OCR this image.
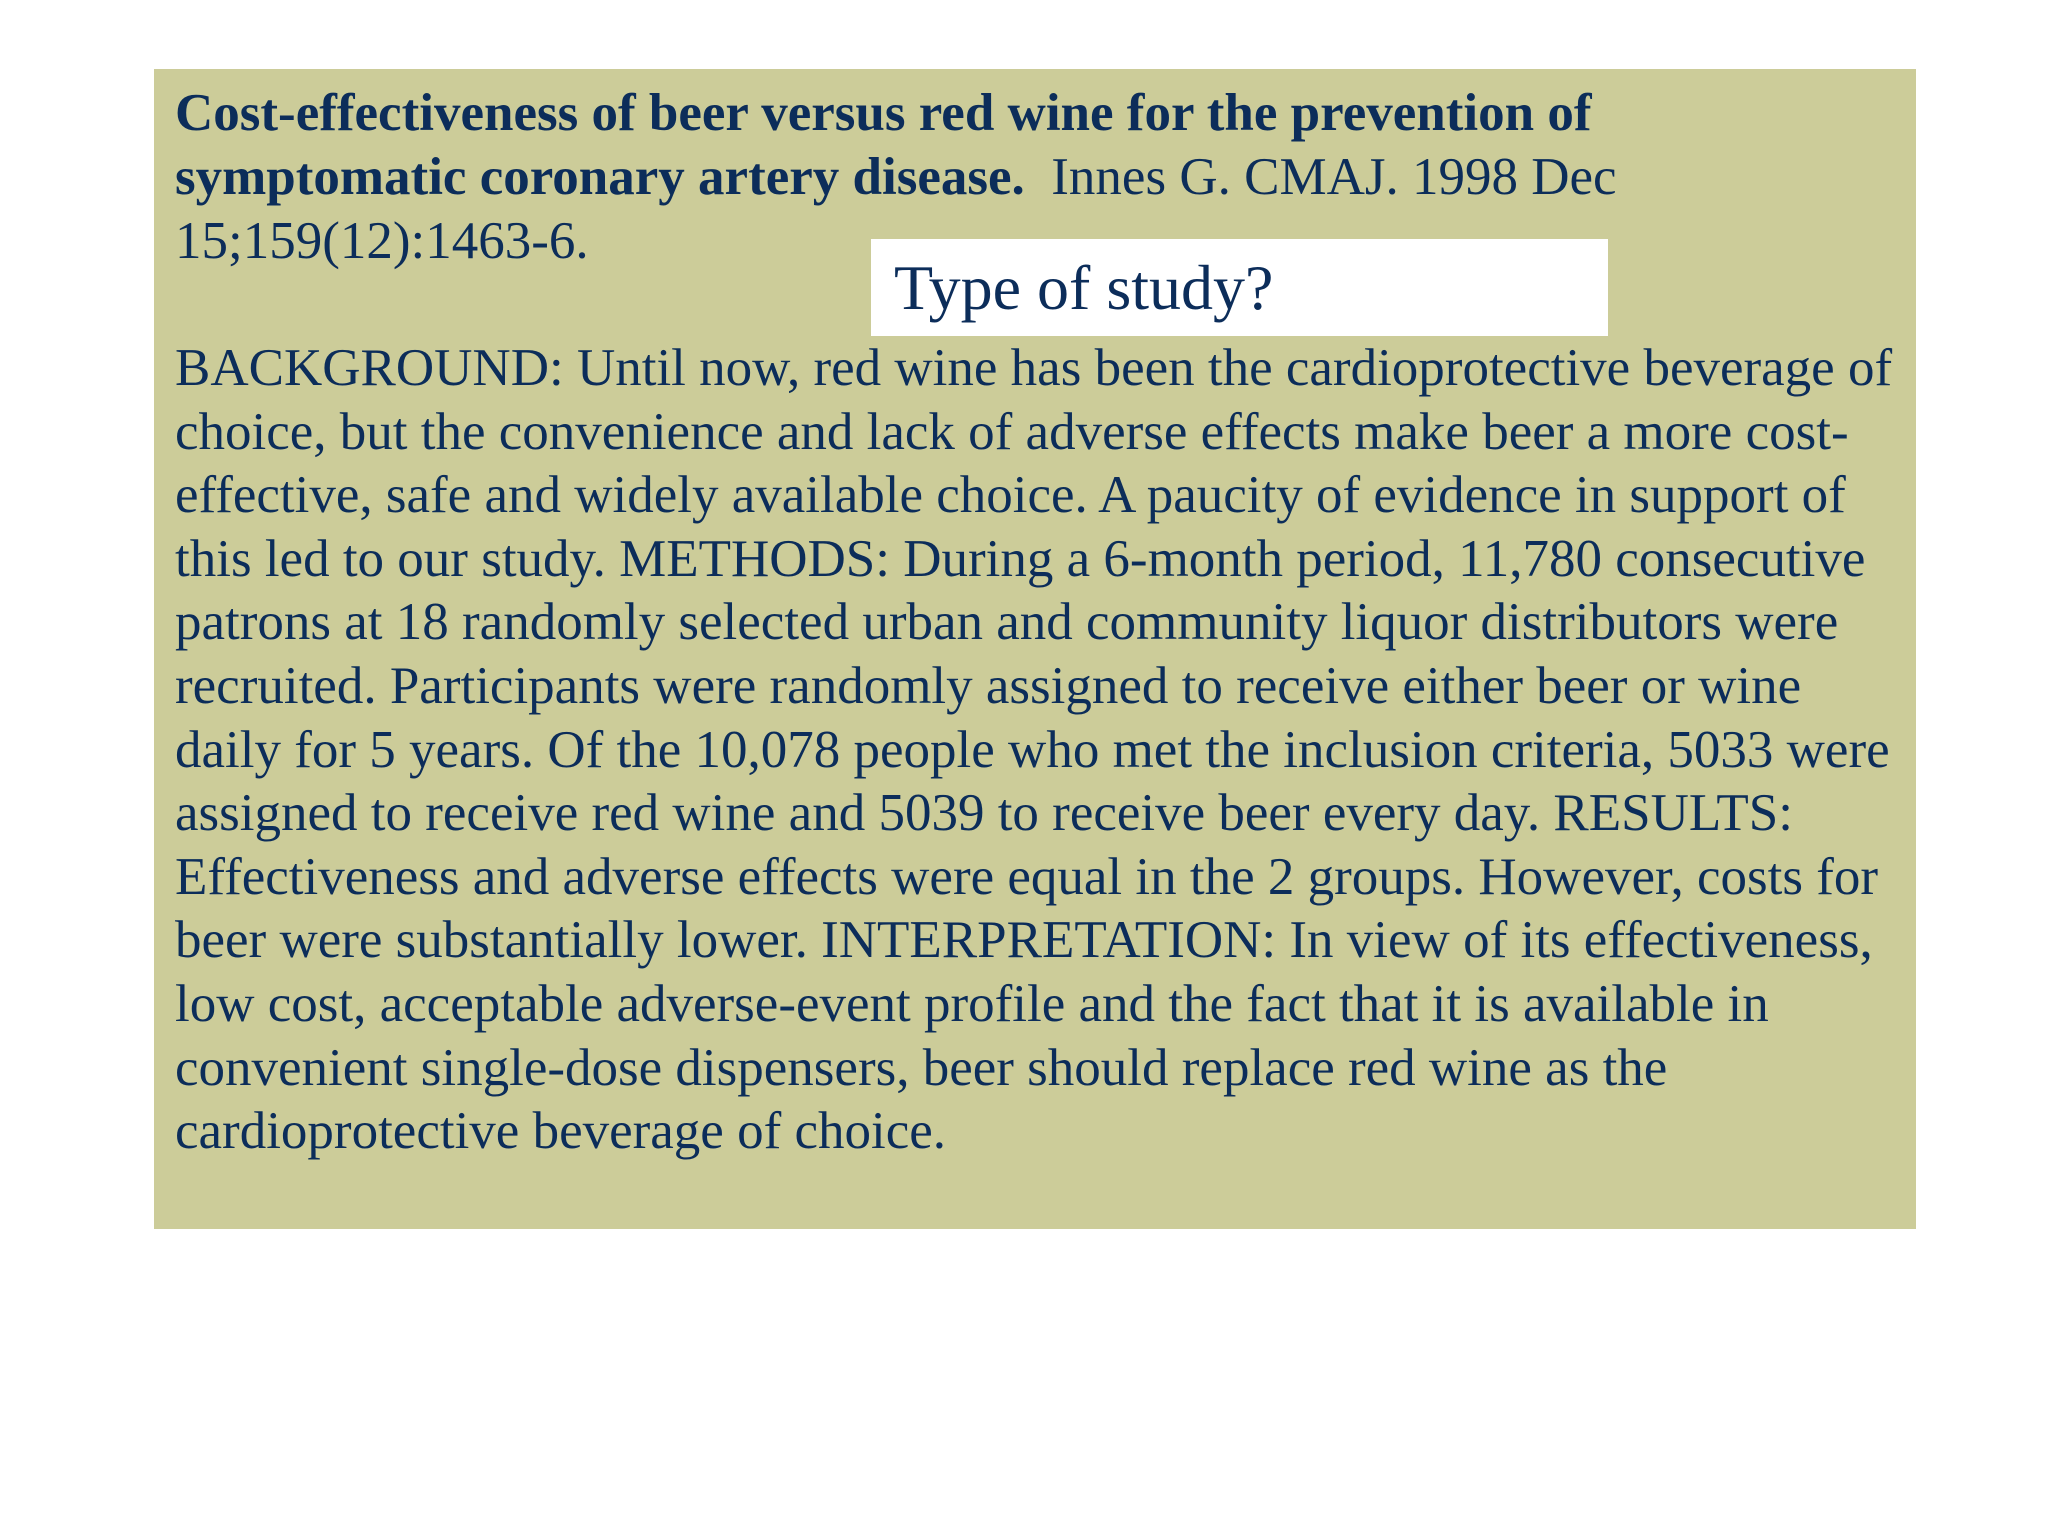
Cost-effectiveness of beer versus red wine for the prevention of symptomatic coronary artery disease. Innes G. CMAJ. 1998 Dec 15;159(12):1463-6.

BACKGROUND: Until now, red wine has been the cardioprotective beverage of choice, but the convenience and lack of adverse effects make beer a more cost-effective, safe and widely available choice. A paucity of evidence in support of this led to our study. METHODS: During a 6-month period, 11,780 consecutive patrons at 18 randomly selected urban and community liquor distributors were recruited. Participants were randomly assigned to receive either beer or wine daily for 5 years. Of the 10,078 people who met the inclusion criteria, 5033 were assigned to receive red wine and 5039 to receive beer every day. RESULTS: Effectiveness and adverse effects were equal in the 2 groups. However, costs for beer were substantially lower. INTERPRETATION: In view of its effectiveness, low cost, acceptable adverse-event profile and the fact that it is available in convenient single-dose dispensers, beer should replace red wine as the cardioprotective beverage of choice.

Type of study?
